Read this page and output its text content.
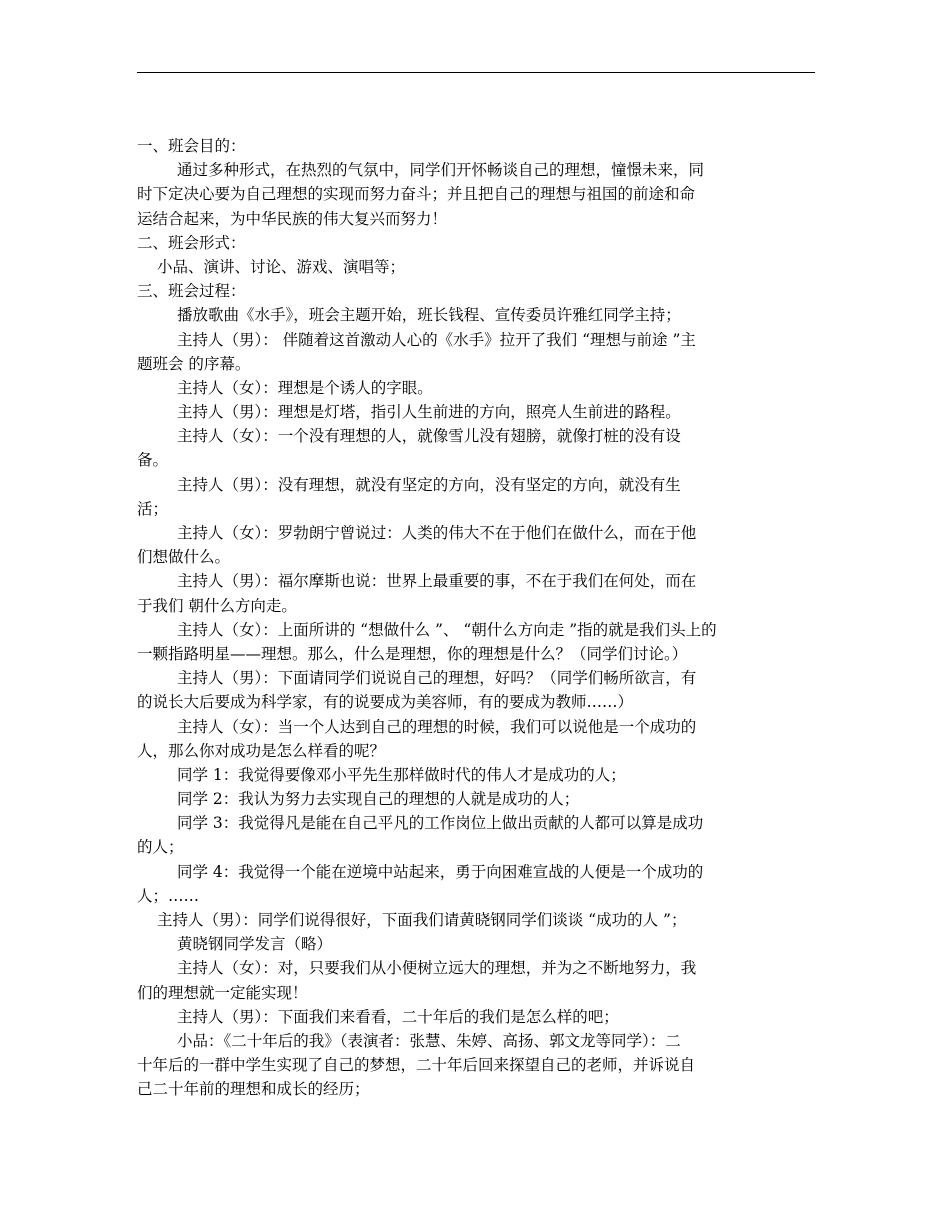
一、班会目的：
通过多种形式，在热烈的气氛中，同学们开怀畅谈自己的理想，憧憬未来，同
时下定决心要为自己理想的实现而努力奋斗；并且把自己的理想与祖国的前途和命
运结合起来，为中华民族的伟大复兴而努力！
二、班会形式：
小品、演讲、讨论、游戏、演唱等；
三、班会过程：
播放歌曲《水手》，班会主题开始，班长钱程、宣传委员许雅红同学主持；
主持人（男）： 伴随着这首激动人心的《水手》拉开了我们 “理想与前途 ”主
题班会 的序幕。
主持人（女）：理想是个诱人的字眼。
主持人（男）：理想是灯塔，指引人生前进的方向，照亮人生前进的路程。
主持人（女）：一个没有理想的人，就像雪儿没有翅膀，就像打桩的没有设
备。
主持人（男）：没有理想，就没有坚定的方向，没有坚定的方向，就没有生
活；
主持人（女）：罗勃朗宁曾说过：人类的伟大不在于他们在做什么，而在于他
们想做什么。
主持人（男）：福尔摩斯也说：世界上最重要的事，不在于我们在何处，而在
于我们 朝什么方向走。
主持人（女）：上面所讲的 “想做什么 ”、 “朝什么方向走 ”指的就是我们头上的
一颗指路明星——理想。那么，什么是理想，你的理想是什么？（同学们讨论。）
主持人（男）：下面请同学们说说自己的理想，好吗？（同学们畅所欲言，有
的说长大后要成为科学家，有的说要成为美容师，有的要成为教师……）
主持人（女）：当一个人达到自己的理想的时候，我们可以说他是一个成功的
人，那么你对成功是怎么样看的呢？
同学 1：我觉得要像邓小平先生那样做时代的伟人才是成功的人；
同学 2：我认为努力去实现自己的理想的人就是成功的人；
同学 3：我觉得凡是能在自己平凡的工作岗位上做出贡献的人都可以算是成功
的人；
同学 4：我觉得一个能在逆境中站起来，勇于向困难宣战的人便是一个成功的
人；……
主持人（男）：同学们说得很好，下面我们请黄晓钢同学们谈谈 “成功的人 ”；
黄晓钢同学发言（略）
主持人（女）：对，只要我们从小便树立远大的理想，并为之不断地努力，我
们的理想就一定能实现！
主持人（男）：下面我们来看看，二十年后的我们是怎么样的吧；
小品：《二十年后的我》（表演者：张慧、朱婷、高扬、郭文龙等同学）：二
十年后的一群中学生实现了自己的梦想，二十年后回来探望自己的老师，并诉说自
己二十年前的理想和成长的经历；
